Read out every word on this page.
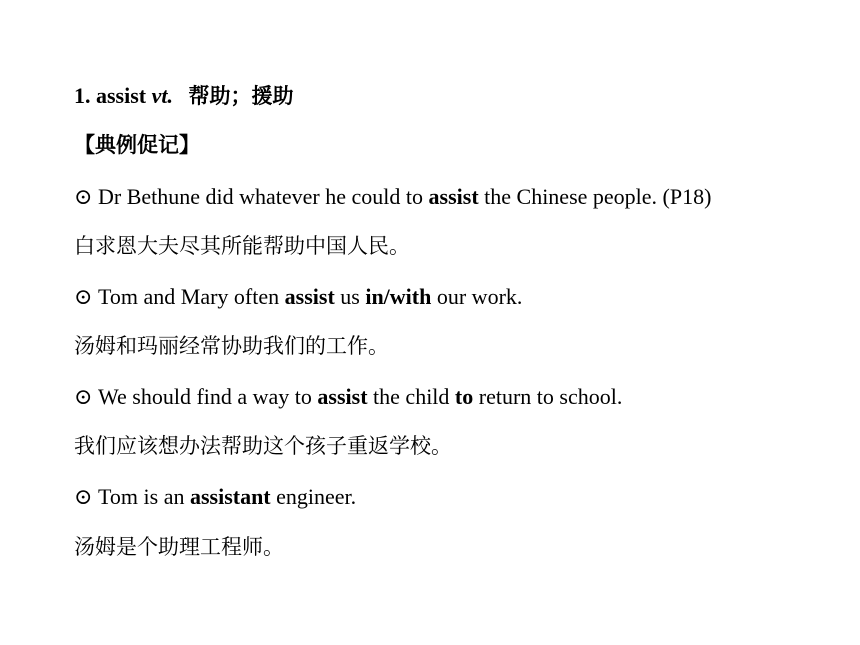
1. assist vt. 帮助；援助
【典例促记】
⊙ Dr Bethune did whatever he could to assist the Chinese people. (P18)
白求恩大夫尽其所能帮助中国人民。
⊙ Tom and Mary often assist us in/with our work.
汤姆和玛丽经常协助我们的工作。
⊙ We should find a way to assist the child to return to school.
我们应该想办法帮助这个孩子重返学校。
⊙ Tom is an assistant engineer.
汤姆是个助理工程师。
